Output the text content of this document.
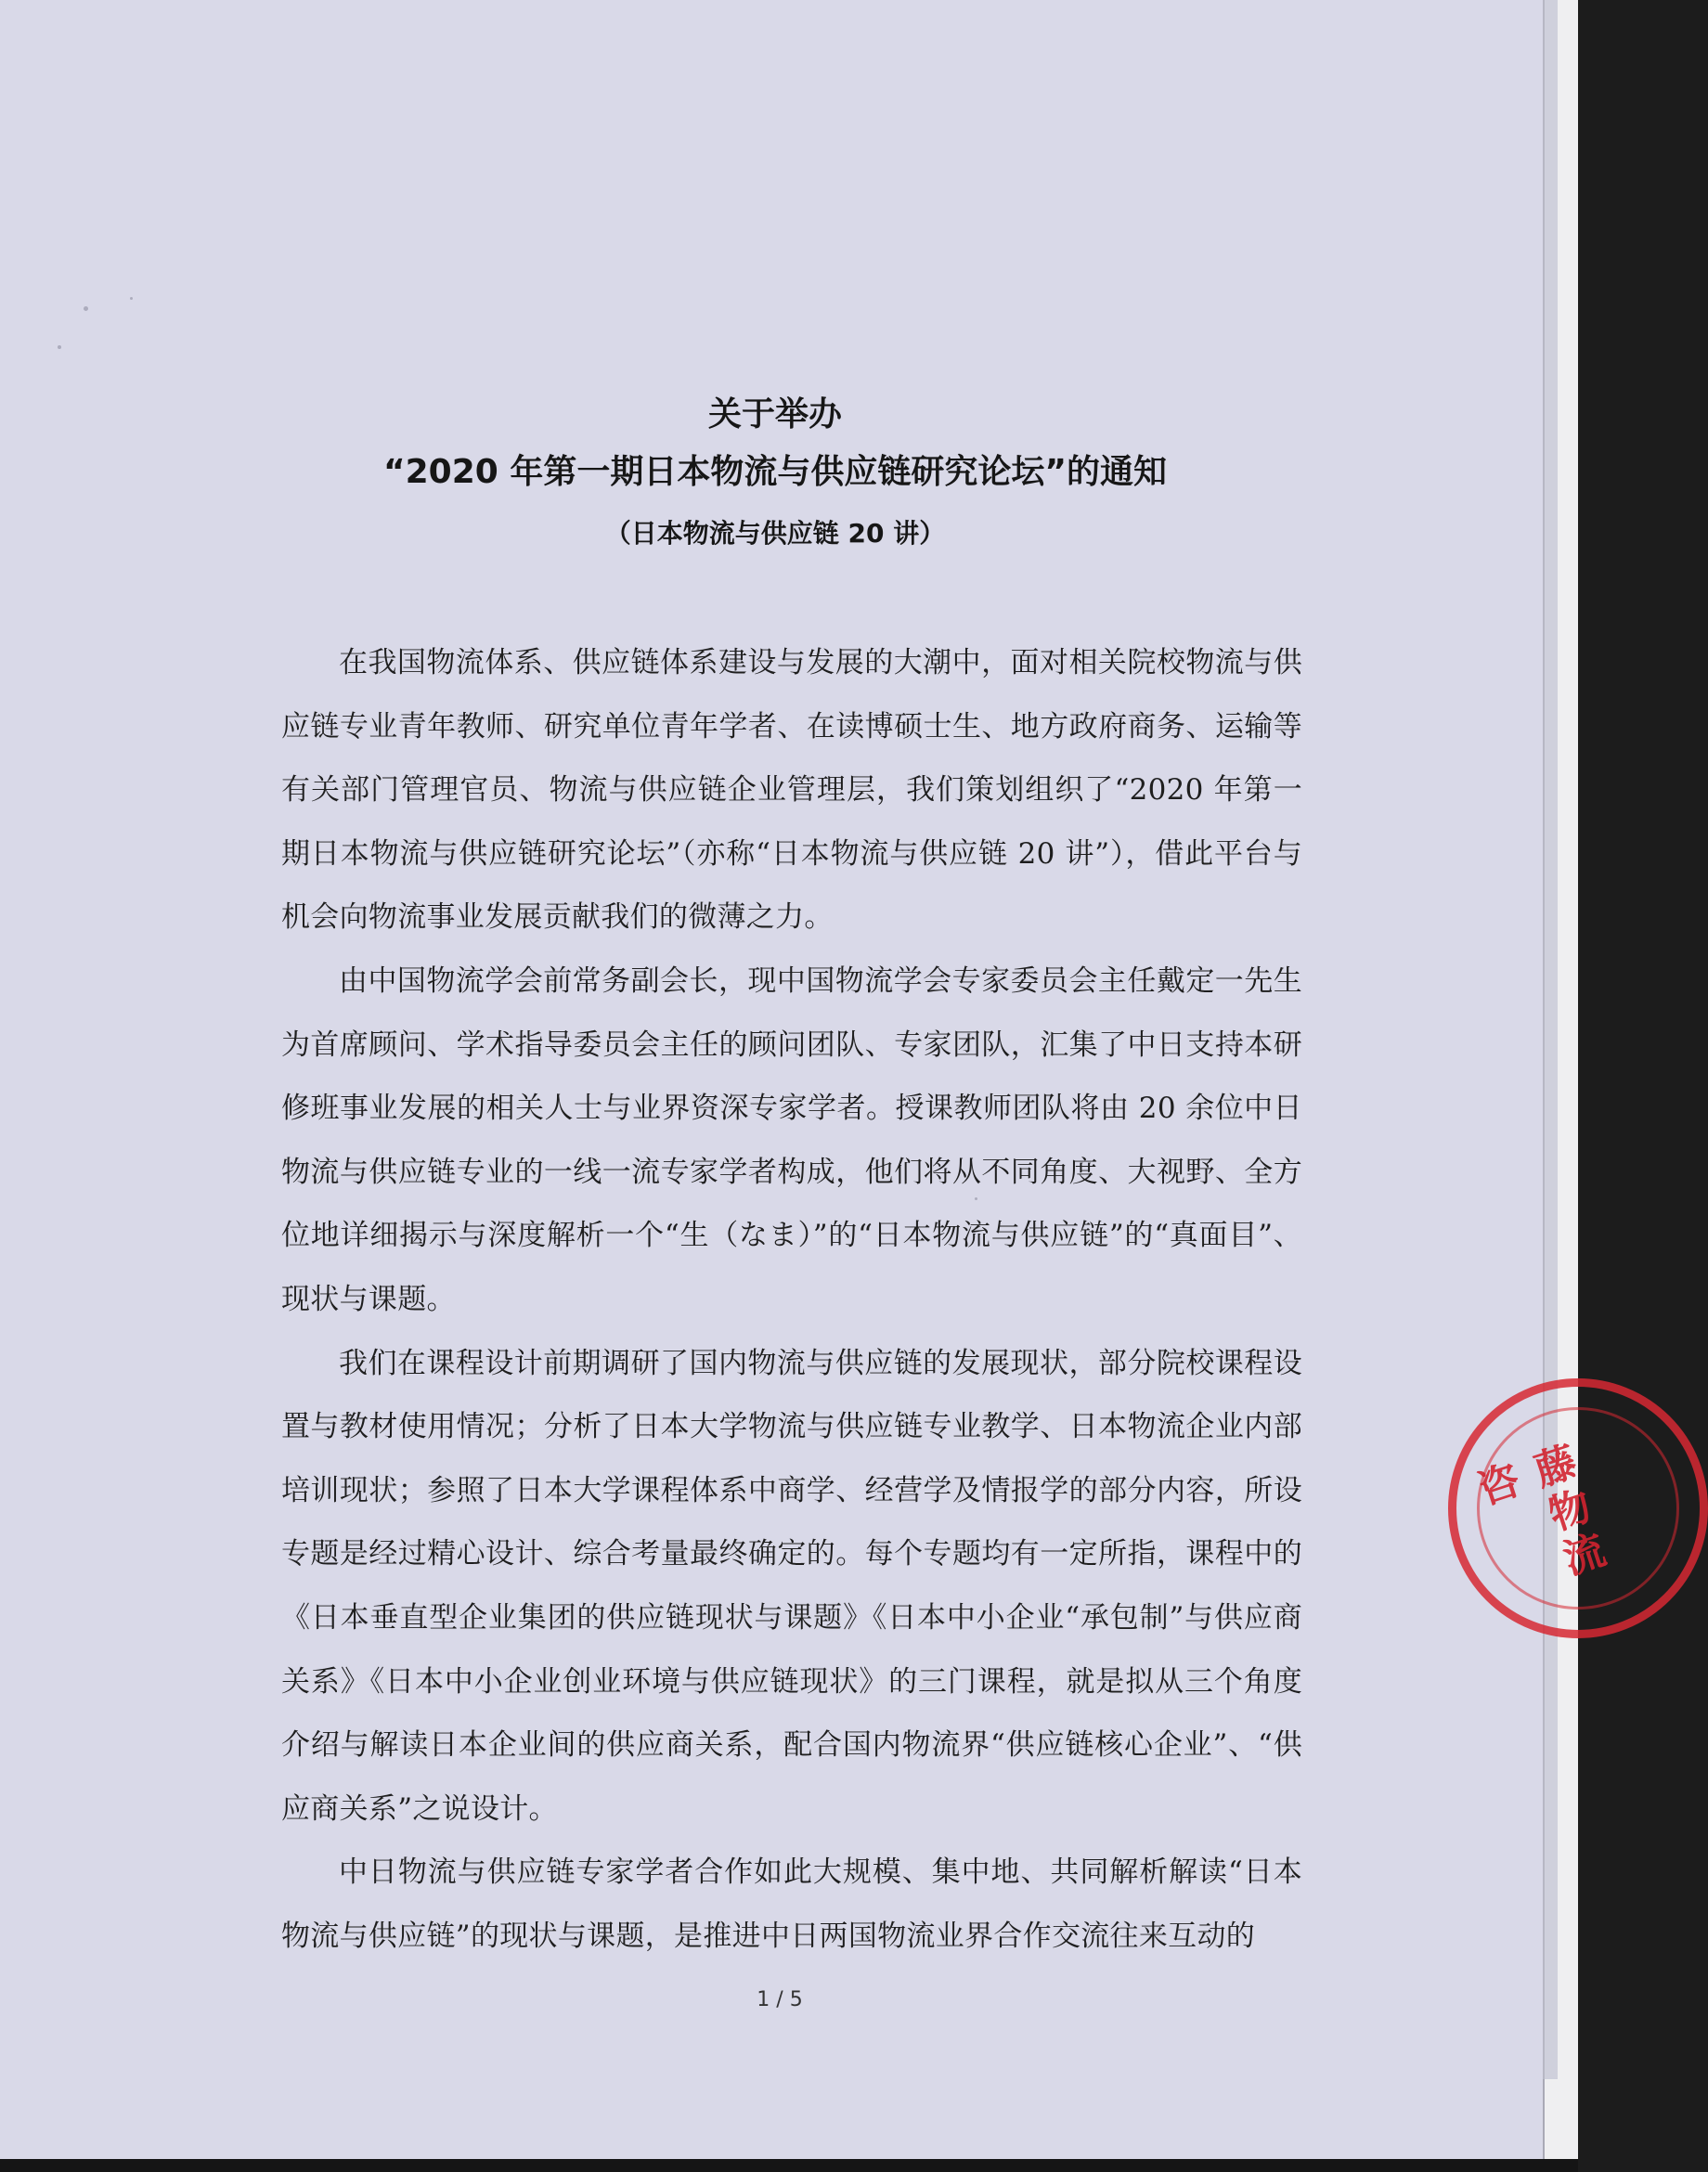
关于举办
“2020 年第一期日本物流与供应链研究论坛”的通知
（日本物流与供应链 20 讲）

在我国物流体系、供应链体系建设与发展的大潮中，面对相关院校物流与供应链专业青年教师、研究单位青年学者、在读博硕士生、地方政府商务、运输等有关部门管理官员、物流与供应链企业管理层，我们策划组织了“2020 年第一期日本物流与供应链研究论坛”（亦称“日本物流与供应链 20 讲”），借此平台与机会向物流事业发展贡献我们的微薄之力。

由中国物流学会前常务副会长，现中国物流学会专家委员会主任戴定一先生为首席顾问、学术指导委员会主任的顾问团队、专家团队，汇集了中日支持本研修班事业发展的相关人士与业界资深专家学者。授课教师团队将由 20 余位中日物流与供应链专业的一线一流专家学者构成，他们将从不同角度、大视野、全方位地详细揭示与深度解析一个“生（なま）”的“日本物流与供应链”的“真面目”、现状与课题。

我们在课程设计前期调研了国内物流与供应链的发展现状，部分院校课程设置与教材使用情况；分析了日本大学物流与供应链专业教学、日本物流企业内部培训现状；参照了日本大学课程体系中商学、经营学及情报学的部分内容，所设专题是经过精心设计、综合考量最终确定的。每个专题均有一定所指，课程中的《日本垂直型企业集团的供应链现状与课题》《日本中小企业“承包制”与供应商关系》《日本中小企业创业环境与供应链现状》的三门课程，就是拟从三个角度介绍与解读日本企业间的供应商关系，配合国内物流界“供应链核心企业”、“供应商关系”之说设计。

中日物流与供应链专家学者合作如此大规模、集中地、共同解析解读“日本物流与供应链”的现状与课题，是推进中日两国物流业界合作交流往来互动的

1 / 5
藤物流咨
